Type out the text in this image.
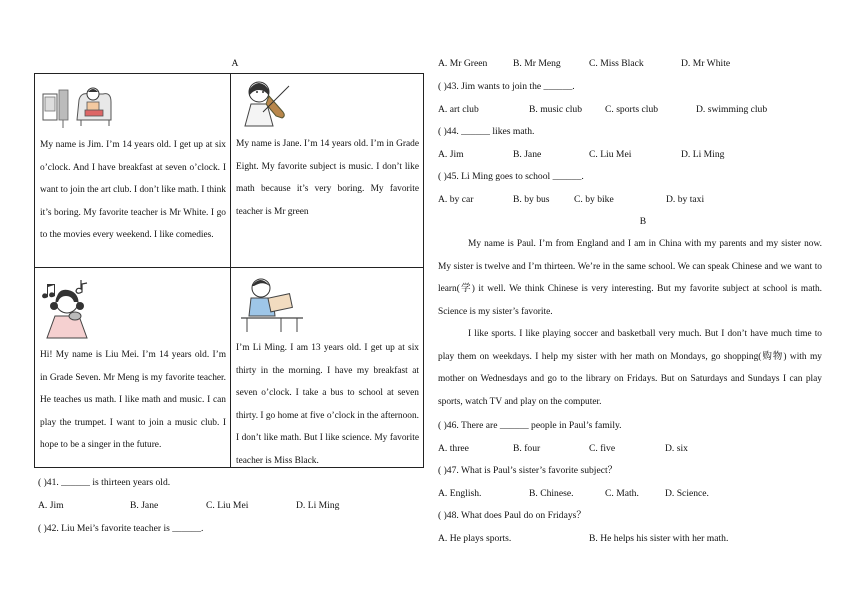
A
My name is Jim. I’m 14 years old. I get up at six o’clock. And I have breakfast at seven o’clock. I want to join the art club. I don’t like math. I think it’s boring. My favorite teacher is Mr White. I go to the movies every weekend. I like comedies.
My name is Jane. I’m 14 years old. I’m in Grade Eight. My favorite subject is music. I don’t like math because it’s very boring. My favorite teacher is Mr green
Hi! My name is Liu Mei. I’m 14 years old. I’m in Grade Seven. Mr Meng is my favorite teacher. He teaches us math. I like math and music. I can play the trumpet. I want to join a music club. I hope to be a singer in the future.
I’m Li Ming. I am 13 years old. I get up at six thirty in the morning. I have my breakfast at seven o’clock. I take a bus to school at seven thirty. I go home at five o’clock in the afternoon. I don’t like math. But I like science. My favorite teacher is Miss Black.
( )41. ______ is thirteen years old.
A. Jim	B. Jane	C. Liu Mei	D. Li Ming
( )42. Liu Mei’s favorite teacher is ______.
A. Mr Green	B. Mr Meng	C. Miss Black	D. Mr White
( )43. Jim wants to join the ______.
A. art club	B. music club C. sports club	D. swimming club
( )44. ______ likes math.
A. Jim	B. Jane	C. Liu Mei	D. Li Ming
( )45. Li Ming goes to school ______.
A. by car	B. by bus	C. by bike	D. by taxi
B
My name is Paul. I’m from England and I am in China with my parents and my sister now. My sister is twelve and I’m thirteen. We’re in the same school. We can speak Chinese and we want to learn(学) it well. We think Chinese is very interesting. But my favorite subject at school is math. Science is my sister’s favorite.
I like sports. I like playing soccer and basketball very much. But I don’t have much time to play them on weekdays. I help my sister with her math on Mondays, go shopping(购物) with my mother on Wednesdays and go to the library on Fridays. But on Saturdays and Sundays I can play sports, watch TV and play on the computer.
( )46. There are ______ people in Paul’s family.
A. three	B. four	C. five	D. six
( )47. What is Paul’s sister’s favorite subject？
A. English.	B. Chinese.	C. Math.	D. Science.
( )48. What does Paul do on Fridays？
A. He plays sports.	B. He helps his sister with her math.
